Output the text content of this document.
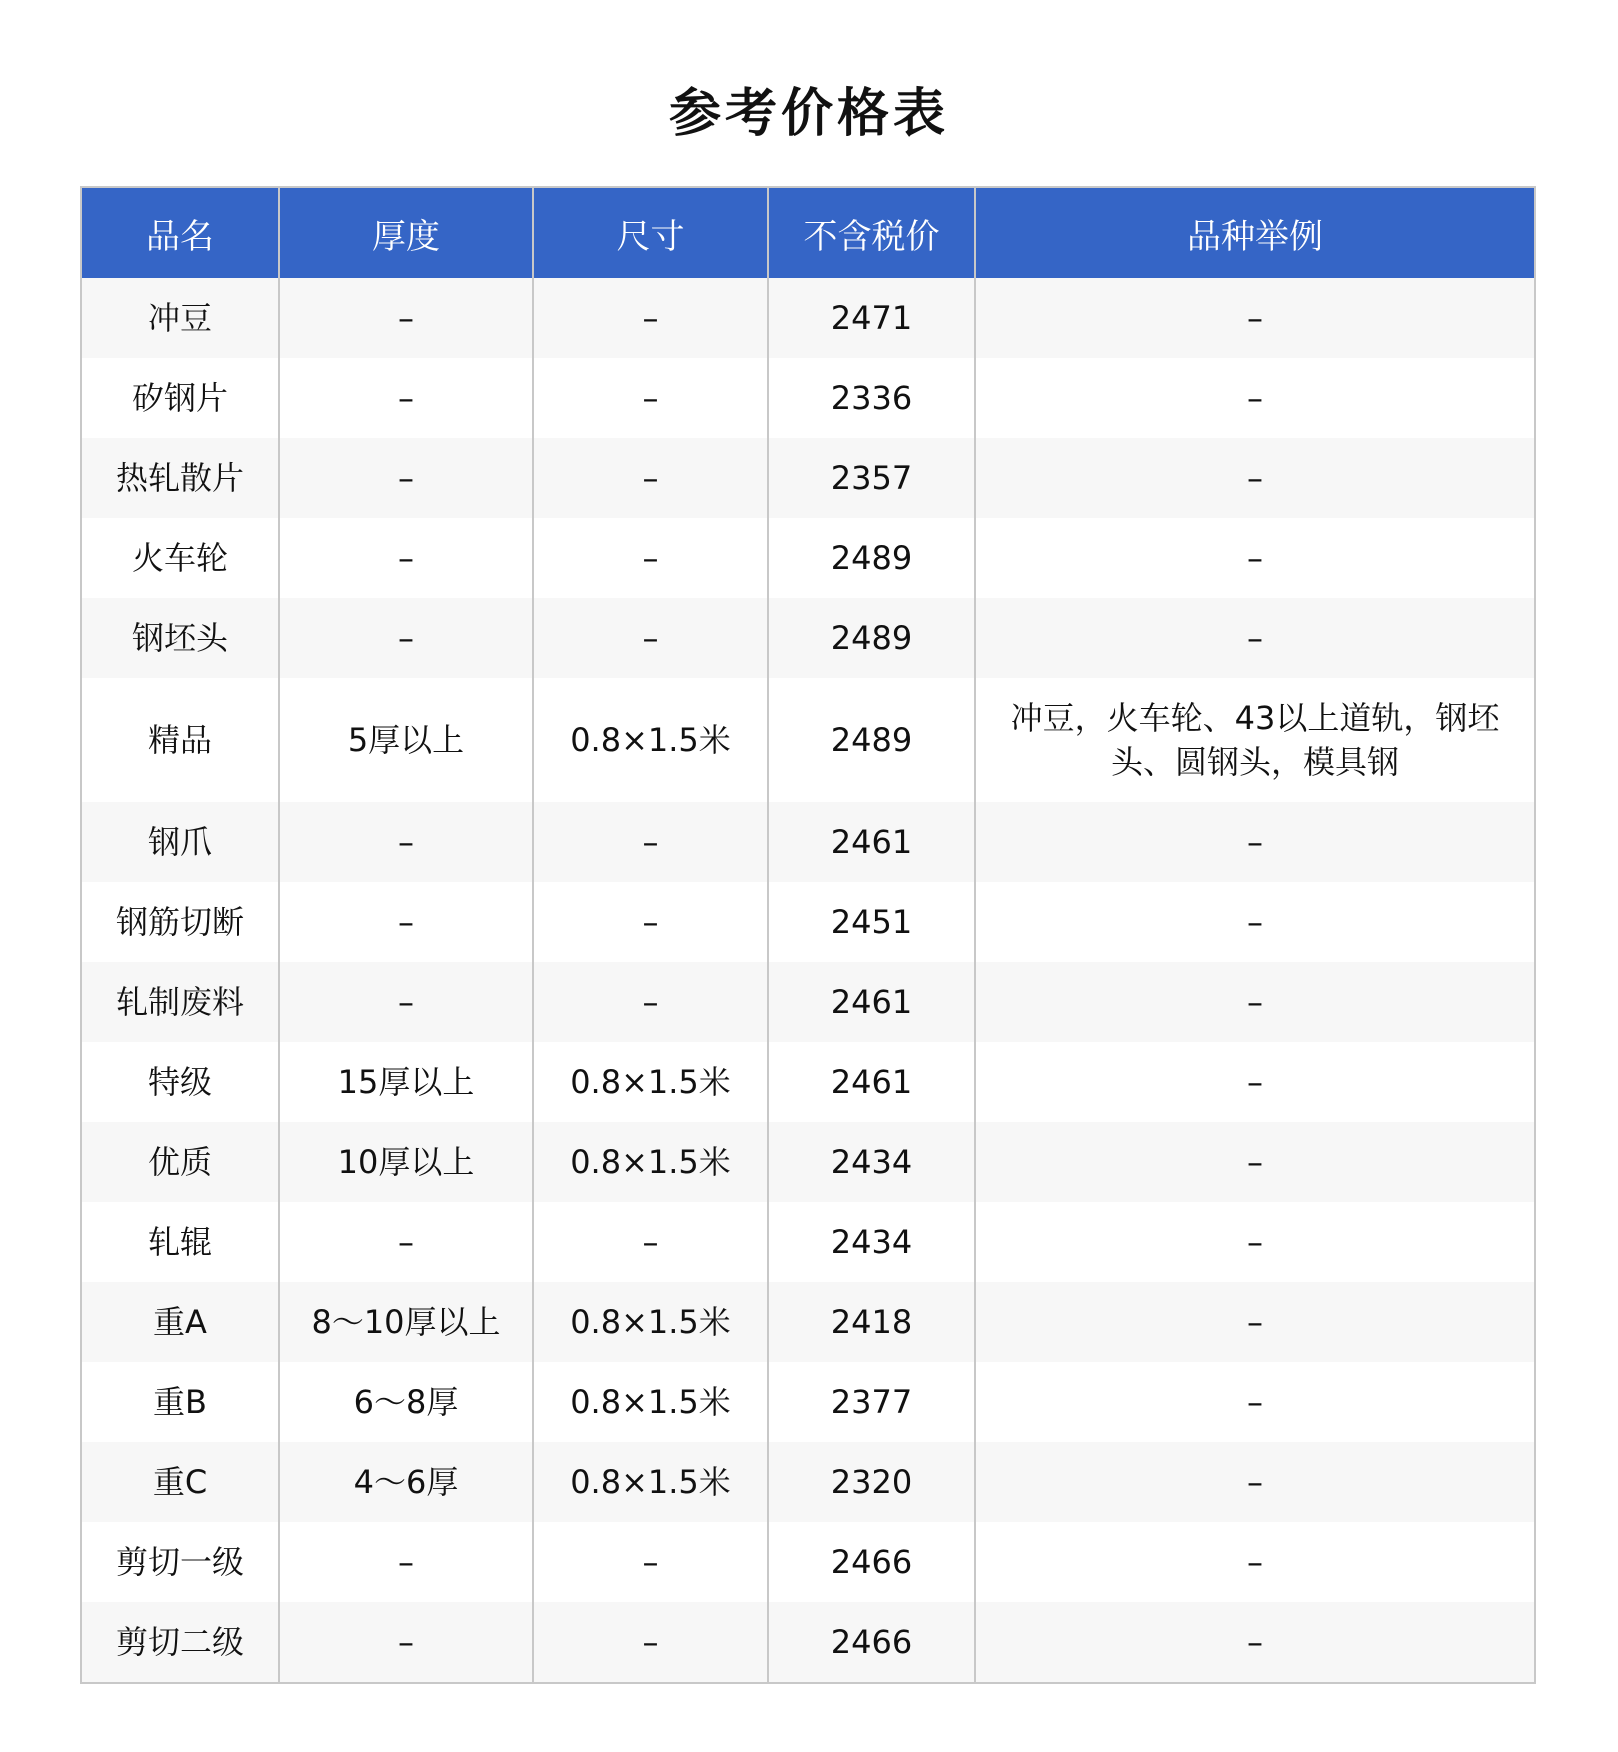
参考价格表
品名	厚度	尺寸	不含税价	品种举例
冲豆	–	–	2471	–
矽钢片	–	–	2336	–
热轧散片	–	–	2357	–
火车轮	–	–	2489	–
钢坯头	–	–	2489	–
精品	5厚以上	0.8×1.5米	2489	冲豆，火车轮、43以上道轨，钢坯头、圆钢头，模具钢
钢爪	–	–	2461	–
钢筋切断	–	–	2451	–
轧制废料	–	–	2461	–
特级	15厚以上	0.8×1.5米	2461	–
优质	10厚以上	0.8×1.5米	2434	–
轧辊	–	–	2434	–
重A	8～10厚以上	0.8×1.5米	2418	–
重B	6～8厚	0.8×1.5米	2377	–
重C	4～6厚	0.8×1.5米	2320	–
剪切一级	–	–	2466	–
剪切二级	–	–	2466	–
